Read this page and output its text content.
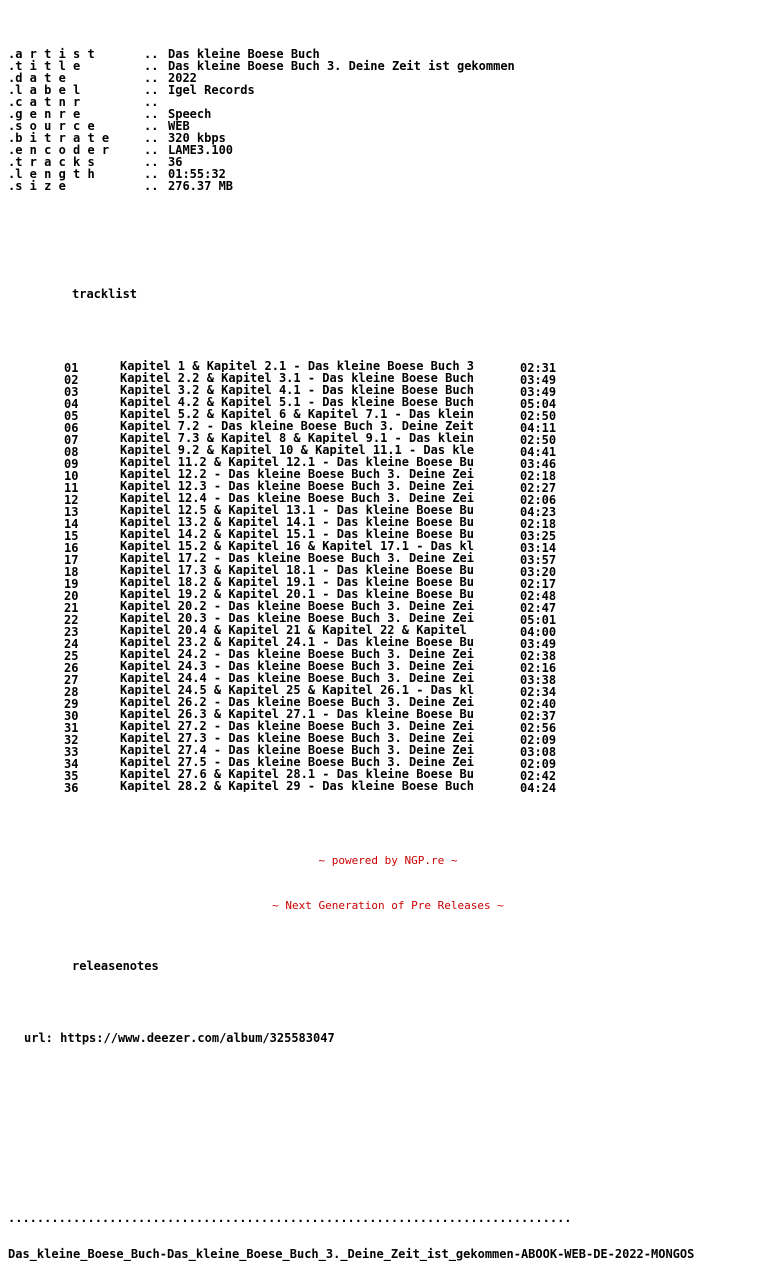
.a r t i s t	.. Das kleine Boese Buch
.t i t l e	.. Das kleine Boese Buch 3. Deine Zeit ist gekommen
.d a t e	.. 2022
.l a b e l	.. Igel Records
.c a t n r	..
.g e n r e	.. Speech
.s o u r c e	.. WEB
.b i t r a t e	.. 320 kbps
.e n c o d e r	.. LAME3.100
.t r a c k s	.. 36
.l e n g t h	.. 01:55:32
.s i z e	.. 276.37 MB

tracklist

01	Kapitel 1 & Kapitel 2.1 - Das kleine Boese Buch 3	02:31
02	Kapitel 2.2 & Kapitel 3.1 - Das kleine Boese Buch	03:49
03	Kapitel 3.2 & Kapitel 4.1 - Das kleine Boese Buch	03:49
04	Kapitel 4.2 & Kapitel 5.1 - Das kleine Boese Buch	05:04
05	Kapitel 5.2 & Kapitel 6 & Kapitel 7.1 - Das klein	02:50
06	Kapitel 7.2 - Das kleine Boese Buch 3. Deine Zeit	04:11
07	Kapitel 7.3 & Kapitel 8 & Kapitel 9.1 - Das klein	02:50
08	Kapitel 9.2 & Kapitel 10 & Kapitel 11.1 - Das kle	04:41
09	Kapitel 11.2 & Kapitel 12.1 - Das kleine Boese Bu	03:46
10	Kapitel 12.2 - Das kleine Boese Buch 3. Deine Zei	02:18
11	Kapitel 12.3 - Das kleine Boese Buch 3. Deine Zei	02:27
12	Kapitel 12.4 - Das kleine Boese Buch 3. Deine Zei	02:06
13	Kapitel 12.5 & Kapitel 13.1 - Das kleine Boese Bu	04:23
14	Kapitel 13.2 & Kapitel 14.1 - Das kleine Boese Bu	02:18
15	Kapitel 14.2 & Kapitel 15.1 - Das kleine Boese Bu	03:25
16	Kapitel 15.2 & Kapitel 16 & Kapitel 17.1 - Das kl	03:14
17	Kapitel 17.2 - Das kleine Boese Buch 3. Deine Zei	03:57
18	Kapitel 17.3 & Kapitel 18.1 - Das kleine Boese Bu	03:20
19	Kapitel 18.2 & Kapitel 19.1 - Das kleine Boese Bu	02:17
20	Kapitel 19.2 & Kapitel 20.1 - Das kleine Boese Bu	02:48
21	Kapitel 20.2 - Das kleine Boese Buch 3. Deine Zei	02:47
22	Kapitel 20.3 - Das kleine Boese Buch 3. Deine Zei	05:01
23	Kapitel 20.4 & Kapitel 21 & Kapitel 22 & Kapitel	04:00
24	Kapitel 23.2 & Kapitel 24.1 - Das kleine Boese Bu	03:49
25	Kapitel 24.2 - Das kleine Boese Buch 3. Deine Zei	02:38
26	Kapitel 24.3 - Das kleine Boese Buch 3. Deine Zei	02:16
27	Kapitel 24.4 - Das kleine Boese Buch 3. Deine Zei	03:38
28	Kapitel 24.5 & Kapitel 25 & Kapitel 26.1 - Das kl	02:34
29	Kapitel 26.2 - Das kleine Boese Buch 3. Deine Zei	02:40
30	Kapitel 26.3 & Kapitel 27.1 - Das kleine Boese Bu	02:37
31	Kapitel 27.2 - Das kleine Boese Buch 3. Deine Zei	02:56
32	Kapitel 27.3 - Das kleine Boese Buch 3. Deine Zei	02:09
33	Kapitel 27.4 - Das kleine Boese Buch 3. Deine Zei	03:08
34	Kapitel 27.5 - Das kleine Boese Buch 3. Deine Zei	02:09
35	Kapitel 27.6 & Kapitel 28.1 - Das kleine Boese Bu	02:42
36	Kapitel 28.2 & Kapitel 29 - Das kleine Boese Buch	04:24

releasenotes

url: https://www.deezer.com/album/325583047

..............................................................................

Das_kleine_Boese_Buch-Das_kleine_Boese_Buch_3._Deine_Zeit_ist_gekommen-ABOOK-WEB-DE-2022-MONGOS

~ powered by NGP.re ~

~ Next Generation of Pre Releases ~
